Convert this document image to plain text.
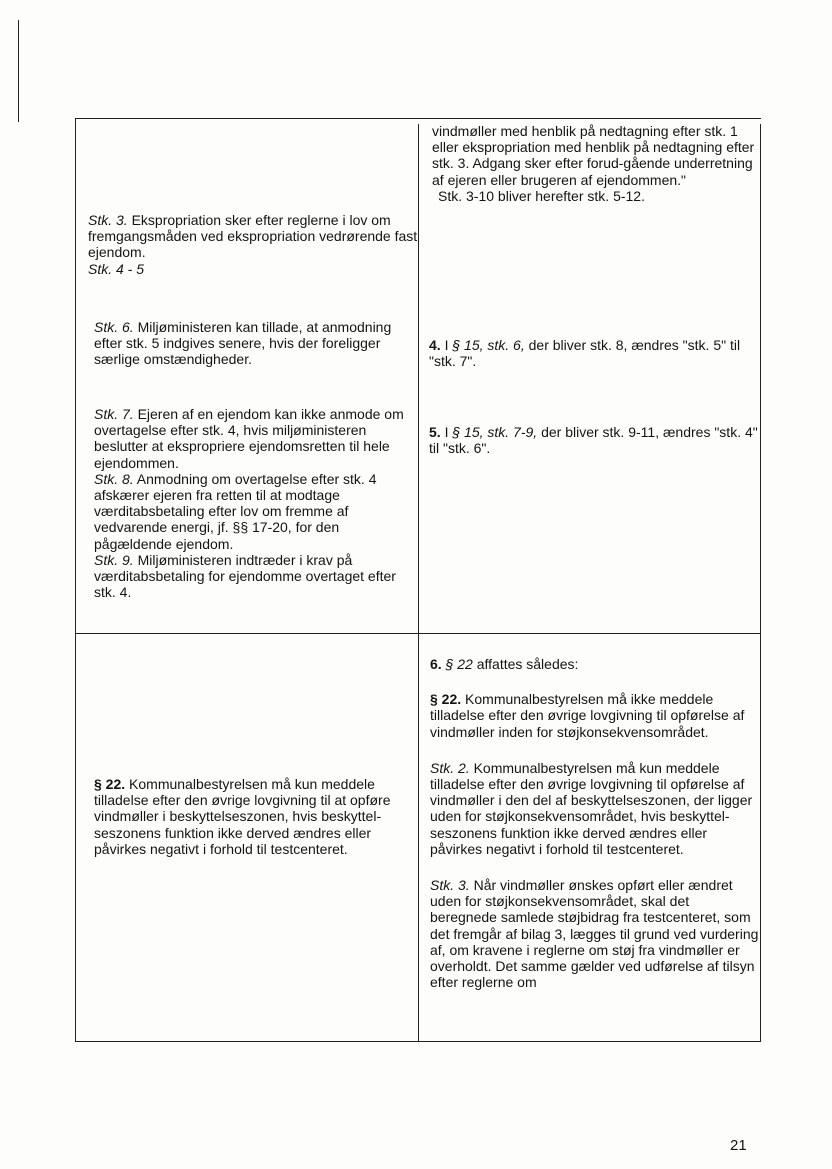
vindmøller med henblik på nedtagning efter stk. 1 eller ekspropriation med henblik på nedtagning efter stk. 3. Adgang sker efter forud-gående underretning af ejeren eller brugeren af ejendommen."

Stk. 3-10 bliver herefter stk. 5-12.

Stk. 3. Ekspropriation sker efter reglerne i lov om fremgangsmåden ved ekspropriation vedrørende fast ejendom.

Stk. 4 - 5

Stk. 6. Miljøministeren kan tillade, at anmodning efter stk. 5 indgives senere, hvis der foreligger særlige omstændigheder.

Stk. 7. Ejeren af en ejendom kan ikke anmode om overtagelse efter stk. 4, hvis miljøministeren beslutter at ekspropriere ejendomsretten til hele ejendommen.

Stk. 8. Anmodning om overtagelse efter stk. 4 afskærer ejeren fra retten til at modtage værditabsbetaling efter lov om fremme af vedvarende energi, jf. §§ 17-20, for den pågældende ejendom.

Stk. 9. Miljøministeren indtræder i krav på værditabsbetaling for ejendomme overtaget efter stk. 4.

4. I § 15, stk. 6, der bliver stk. 8, ændres "stk. 5" til "stk. 7".

5. I § 15, stk. 7-9, der bliver stk. 9-11, ændres "stk. 4" til "stk. 6".

§ 22. Kommunalbestyrelsen må kun meddele tilladelse efter den øvrige lovgivning til at opføre vindmøller i beskyttelseszonen, hvis beskyttel-seszonens funktion ikke derved ændres eller påvirkes negativt i forhold til testcenteret.

6. § 22 affattes således:

§ 22. Kommunalbestyrelsen må ikke meddele tilladelse efter den øvrige lovgivning til opførelse af vindmøller inden for støjkonsekvensområdet.

Stk. 2. Kommunalbestyrelsen må kun meddele tilladelse efter den øvrige lovgivning til opførelse af vindmøller i den del af beskyttelseszonen, der ligger uden for støjkonsekvensområdet, hvis beskyttel-seszonens funktion ikke derved ændres eller påvirkes negativt i forhold til testcenteret.

Stk. 3. Når vindmøller ønskes opført eller ændret uden for støjkonsekvensområdet, skal det beregnede samlede støjbidrag fra testcenteret, som det fremgår af bilag 3, lægges til grund ved vurdering af, om kravene i reglerne om støj fra vindmøller er overholdt. Det samme gælder ved udførelse af tilsyn efter reglerne om

21
